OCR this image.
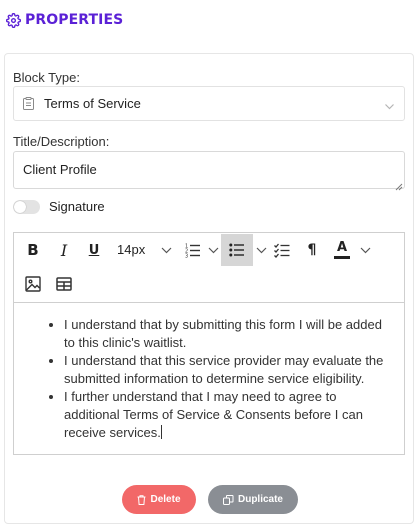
PROPERTIES
Block Type:
Terms of Service
Title/Description:
Client Profile
Signature
B I U 14px	1
2
3	¶ A
• I understand that by submitting this form I will be added to this clinic's waitlist.
• I understand that this service provider may evaluate the submitted information to determine service eligibility.
• I further understand that I may need to agree to additional Terms of Service & Consents before I can receive services.
Delete	Duplicate
